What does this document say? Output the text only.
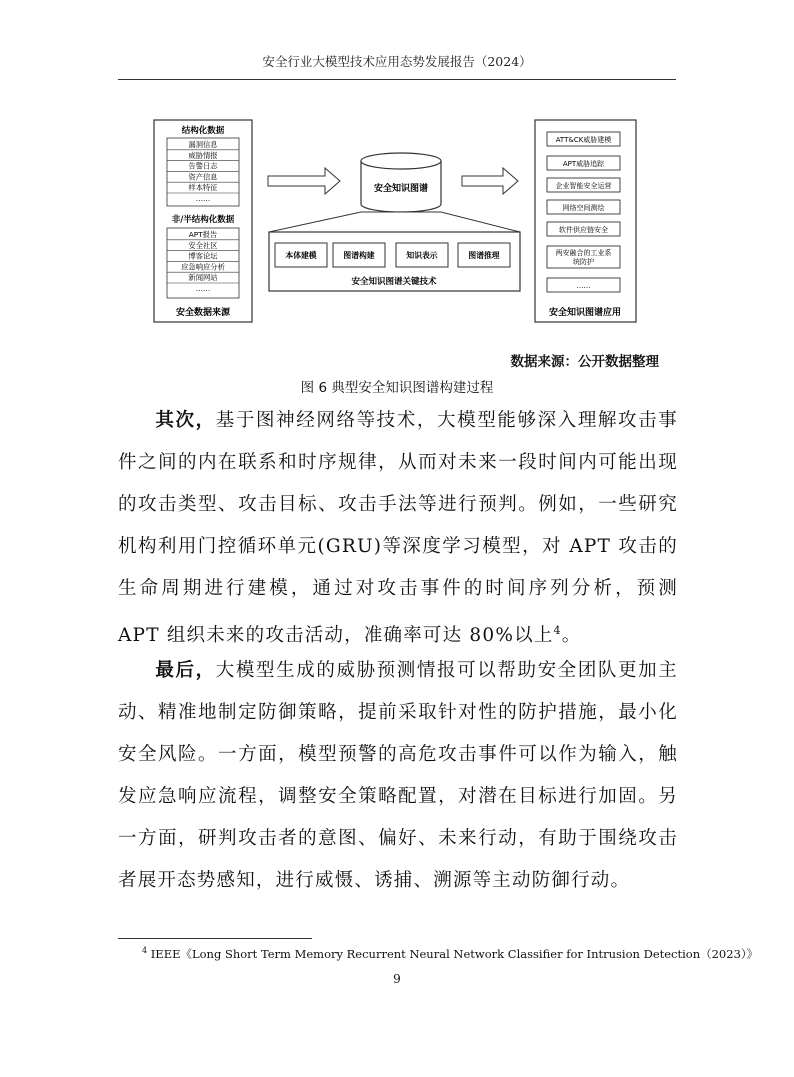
安全行业大模型技术应用态势发展报告（2024）
结构化数据
漏洞信息
威胁情报
告警日志
资产信息
样本特征
……
非/半结构化数据
APT报告
安全社区
博客论坛
应急响应分析
新闻网站
……
安全数据来源
安全知识图谱
本体建模	图谱构建	知识表示	图谱推理
安全知识图谱关键技术
ATT&CK威胁建模
APT威胁追踪
企业智能安全运营
网络空间测绘
软件供应链安全
两安融合的工业系
统防护
……
安全知识图谱应用
数据来源：公开数据整理
图 6 典型安全知识图谱构建过程
其次，基于图神经网络等技术，大模型能够深入理解攻击事件之间的内在联系和时序规律，从而对未来一段时间内可能出现的攻击类型、攻击目标、攻击手法等进行预判。例如，一些研究机构利用门控循环单元(GRU)等深度学习模型，对 APT 攻击的生命周期进行建模，通过对攻击事件的时间序列分析，预测 APT 组织未来的攻击活动，准确率可达 80%以上$^4$。
最后，大模型生成的威胁预测情报可以帮助安全团队更加主动、精准地制定防御策略，提前采取针对性的防护措施，最小化安全风险。一方面，模型预警的高危攻击事件可以作为输入，触发应急响应流程，调整安全策略配置，对潜在目标进行加固。另一方面，研判攻击者的意图、偏好、未来行动，有助于围绕攻击者展开态势感知，进行威慑、诱捕、溯源等主动防御行动。
$^4$ IEEE《Long Short Term Memory Recurrent Neural Network Classifier for Intrusion Detection（2023）》
9
